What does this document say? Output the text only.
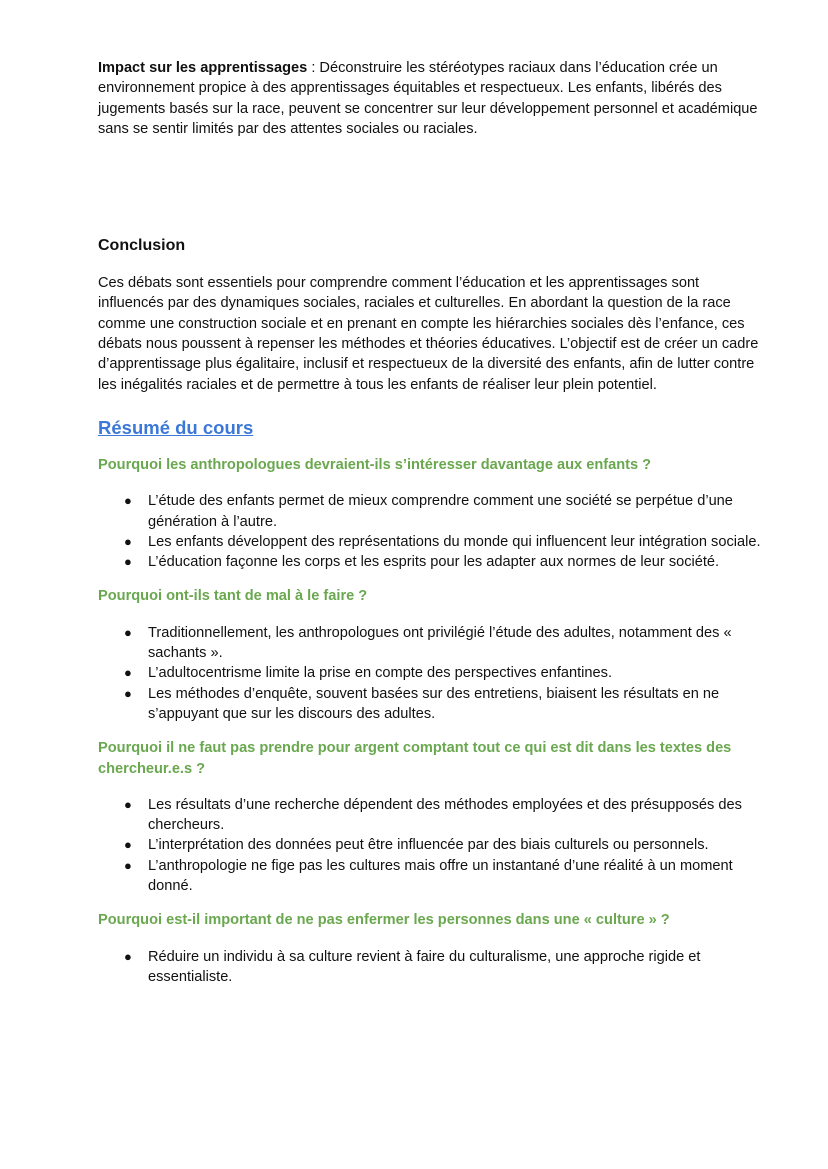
Impact sur les apprentissages : Déconstruire les stéréotypes raciaux dans l’éducation crée un environnement propice à des apprentissages équitables et respectueux. Les enfants, libérés des jugements basés sur la race, peuvent se concentrer sur leur développement personnel et académique sans se sentir limités par des attentes sociales ou raciales.

Conclusion

Ces débats sont essentiels pour comprendre comment l’éducation et les apprentissages sont influencés par des dynamiques sociales, raciales et culturelles. En abordant la question de la race comme une construction sociale et en prenant en compte les hiérarchies sociales dès l’enfance, ces débats nous poussent à repenser les méthodes et théories éducatives. L’objectif est de créer un cadre d’apprentissage plus égalitaire, inclusif et respectueux de la diversité des enfants, afin de lutter contre les inégalités raciales et de permettre à tous les enfants de réaliser leur plein potentiel.

Résumé du cours
Pourquoi les anthropologues devraient-ils s’intéresser davantage aux enfants ?
● L’étude des enfants permet de mieux comprendre comment une société se perpétue d’une génération à l’autre.
● Les enfants développent des représentations du monde qui influencent leur intégration sociale.
● L’éducation façonne les corps et les esprits pour les adapter aux normes de leur société.
Pourquoi ont-ils tant de mal à le faire ?
● Traditionnellement, les anthropologues ont privilégié l’étude des adultes, notamment des « sachants ».
● L’adultocentrisme limite la prise en compte des perspectives enfantines.
● Les méthodes d’enquête, souvent basées sur des entretiens, biaisent les résultats en ne s’appuyant que sur les discours des adultes.
Pourquoi il ne faut pas prendre pour argent comptant tout ce qui est dit dans les textes des chercheur.e.s ?
● Les résultats d’une recherche dépendent des méthodes employées et des présupposés des chercheurs.
● L’interprétation des données peut être influencée par des biais culturels ou personnels.
● L’anthropologie ne fige pas les cultures mais offre un instantané d’une réalité à un moment donné.
Pourquoi est-il important de ne pas enfermer les personnes dans une « culture » ?
● Réduire un individu à sa culture revient à faire du culturalisme, une approche rigide et essentialiste.
